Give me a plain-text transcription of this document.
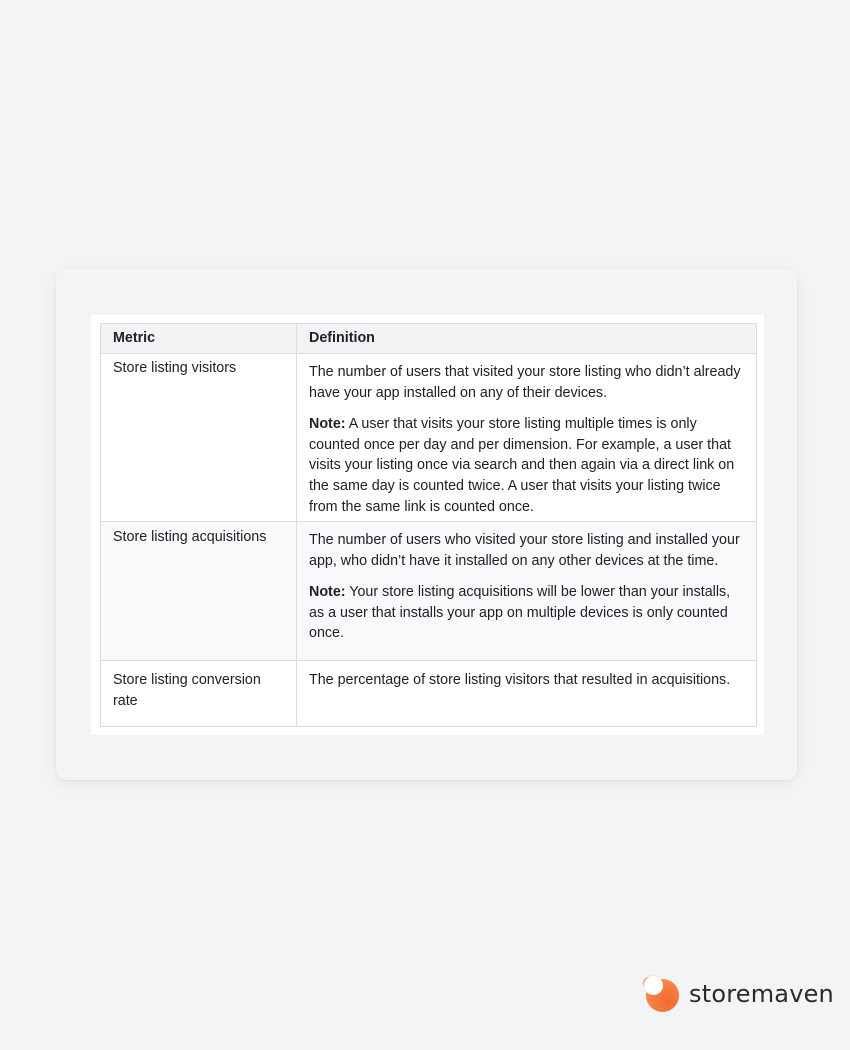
Metric	Definition

Store listing visitors	The number of users that visited your store listing who didn’t already have your app installed on any of their devices.

Note: A user that visits your store listing multiple times is only counted once per day and per dimension. For example, a user that visits your listing once via search and then again via a direct link on the same day is counted twice. A user that visits your listing twice from the same link is counted once.

Store listing acquisitions	The number of users who visited your store listing and installed your app, who didn’t have it installed on any other devices at the time.

Note: Your store listing acquisitions will be lower than your installs, as a user that installs your app on multiple devices is only counted once.

Store listing conversion rate	The percentage of store listing visitors that resulted in acquisitions.

storemaven
